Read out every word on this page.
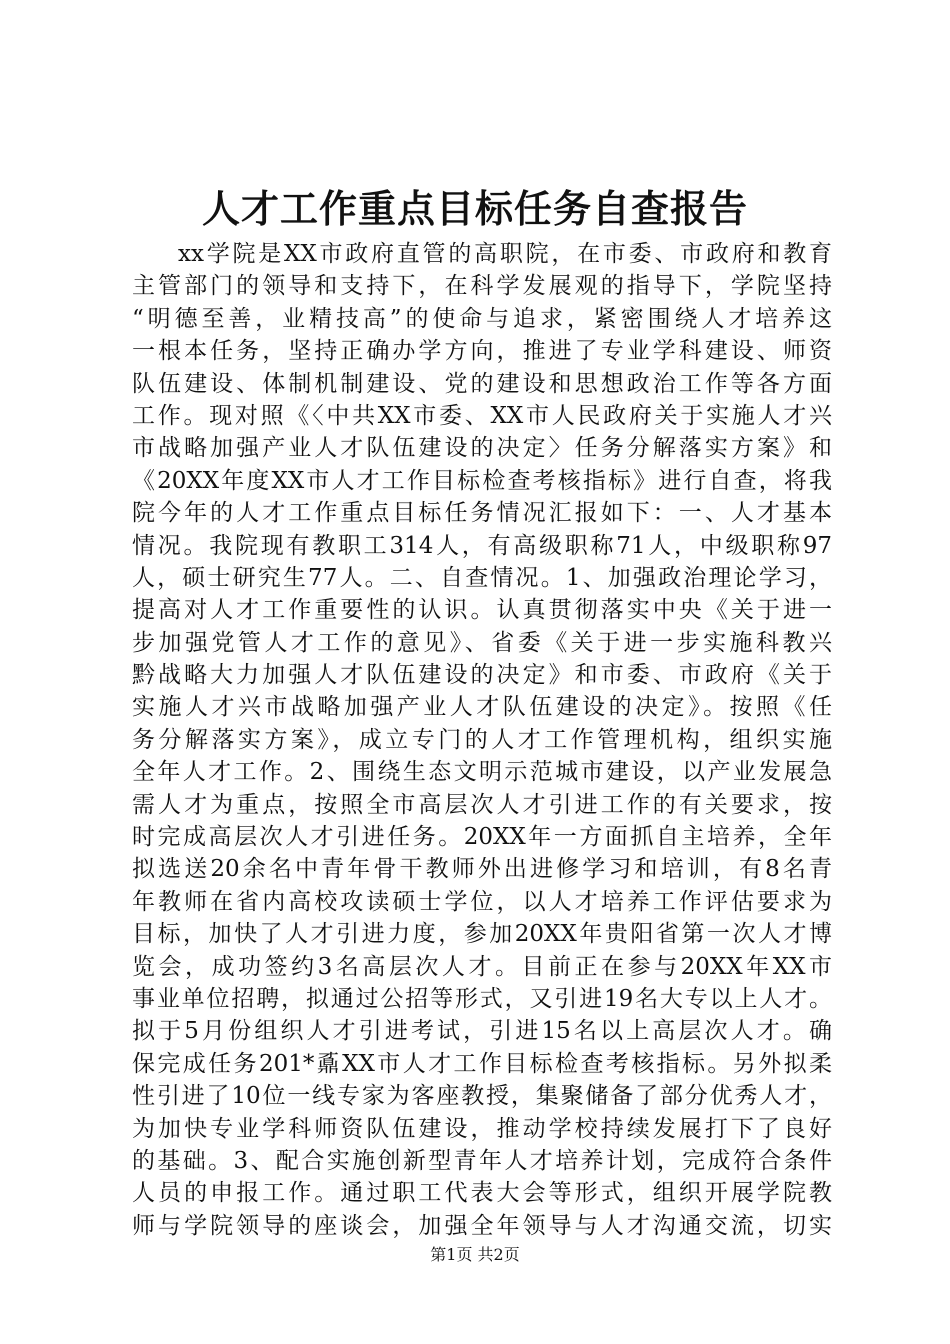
人才工作重点目标任务自查报告
xx学院是XX市政府直管的高职院，在市委、市政府和教育
主管部门的领导和支持下，在科学发展观的指导下，学院坚持
“明德至善，业精技高”的使命与追求，紧密围绕人才培养这
一根本任务，坚持正确办学方向，推进了专业学科建设、师资
队伍建设、体制机制建设、党的建设和思想政治工作等各方面
工作。现对照《〈中共XX市委、XX市人民政府关于实施人才兴
市战略加强产业人才队伍建设的决定〉任务分解落实方案》和
《20XX年度XX市人才工作目标检查考核指标》进行自查，将我
院今年的人才工作重点目标任务情况汇报如下：一、人才基本
情况。我院现有教职工314人，有高级职称71人，中级职称97
人，硕士研究生77人。二、自查情况。1、加强政治理论学习，
提高对人才工作重要性的认识。认真贯彻落实中央《关于进一
步加强党管人才工作的意见》、省委《关于进一步实施科教兴
黔战略大力加强人才队伍建设的决定》和市委、市政府《关于
实施人才兴市战略加强产业人才队伍建设的决定》。按照《任
务分解落实方案》，成立专门的人才工作管理机构，组织实施
全年人才工作。2、围绕生态文明示范城市建设，以产业发展急
需人才为重点，按照全市高层次人才引进工作的有关要求，按
时完成高层次人才引进任务。20XX年一方面抓自主培养，全年
拟选送20余名中青年骨干教师外出进修学习和培训，有8名青
年教师在省内高校攻读硕士学位，以人才培养工作评估要求为
目标，加快了人才引进力度，参加20XX年贵阳省第一次人才博
览会，成功签约3名高层次人才。目前正在参与20XX年XX市
事业单位招聘，拟通过公招等形式，又引进19名大专以上人才。
拟于5月份组织人才引进考试，引进15名以上高层次人才。确
保完成任务201*鼒XX市人才工作目标检查考核指标。另外拟柔
性引进了10位一线专家为客座教授，集聚储备了部分优秀人才，
为加快专业学科师资队伍建设，推动学校持续发展打下了良好
的基础。3、配合实施创新型青年人才培养计划，完成符合条件
人员的申报工作。通过职工代表大会等形式，组织开展学院教
师与学院领导的座谈会，加强全年领导与人才沟通交流，切实
第1页 共2页
